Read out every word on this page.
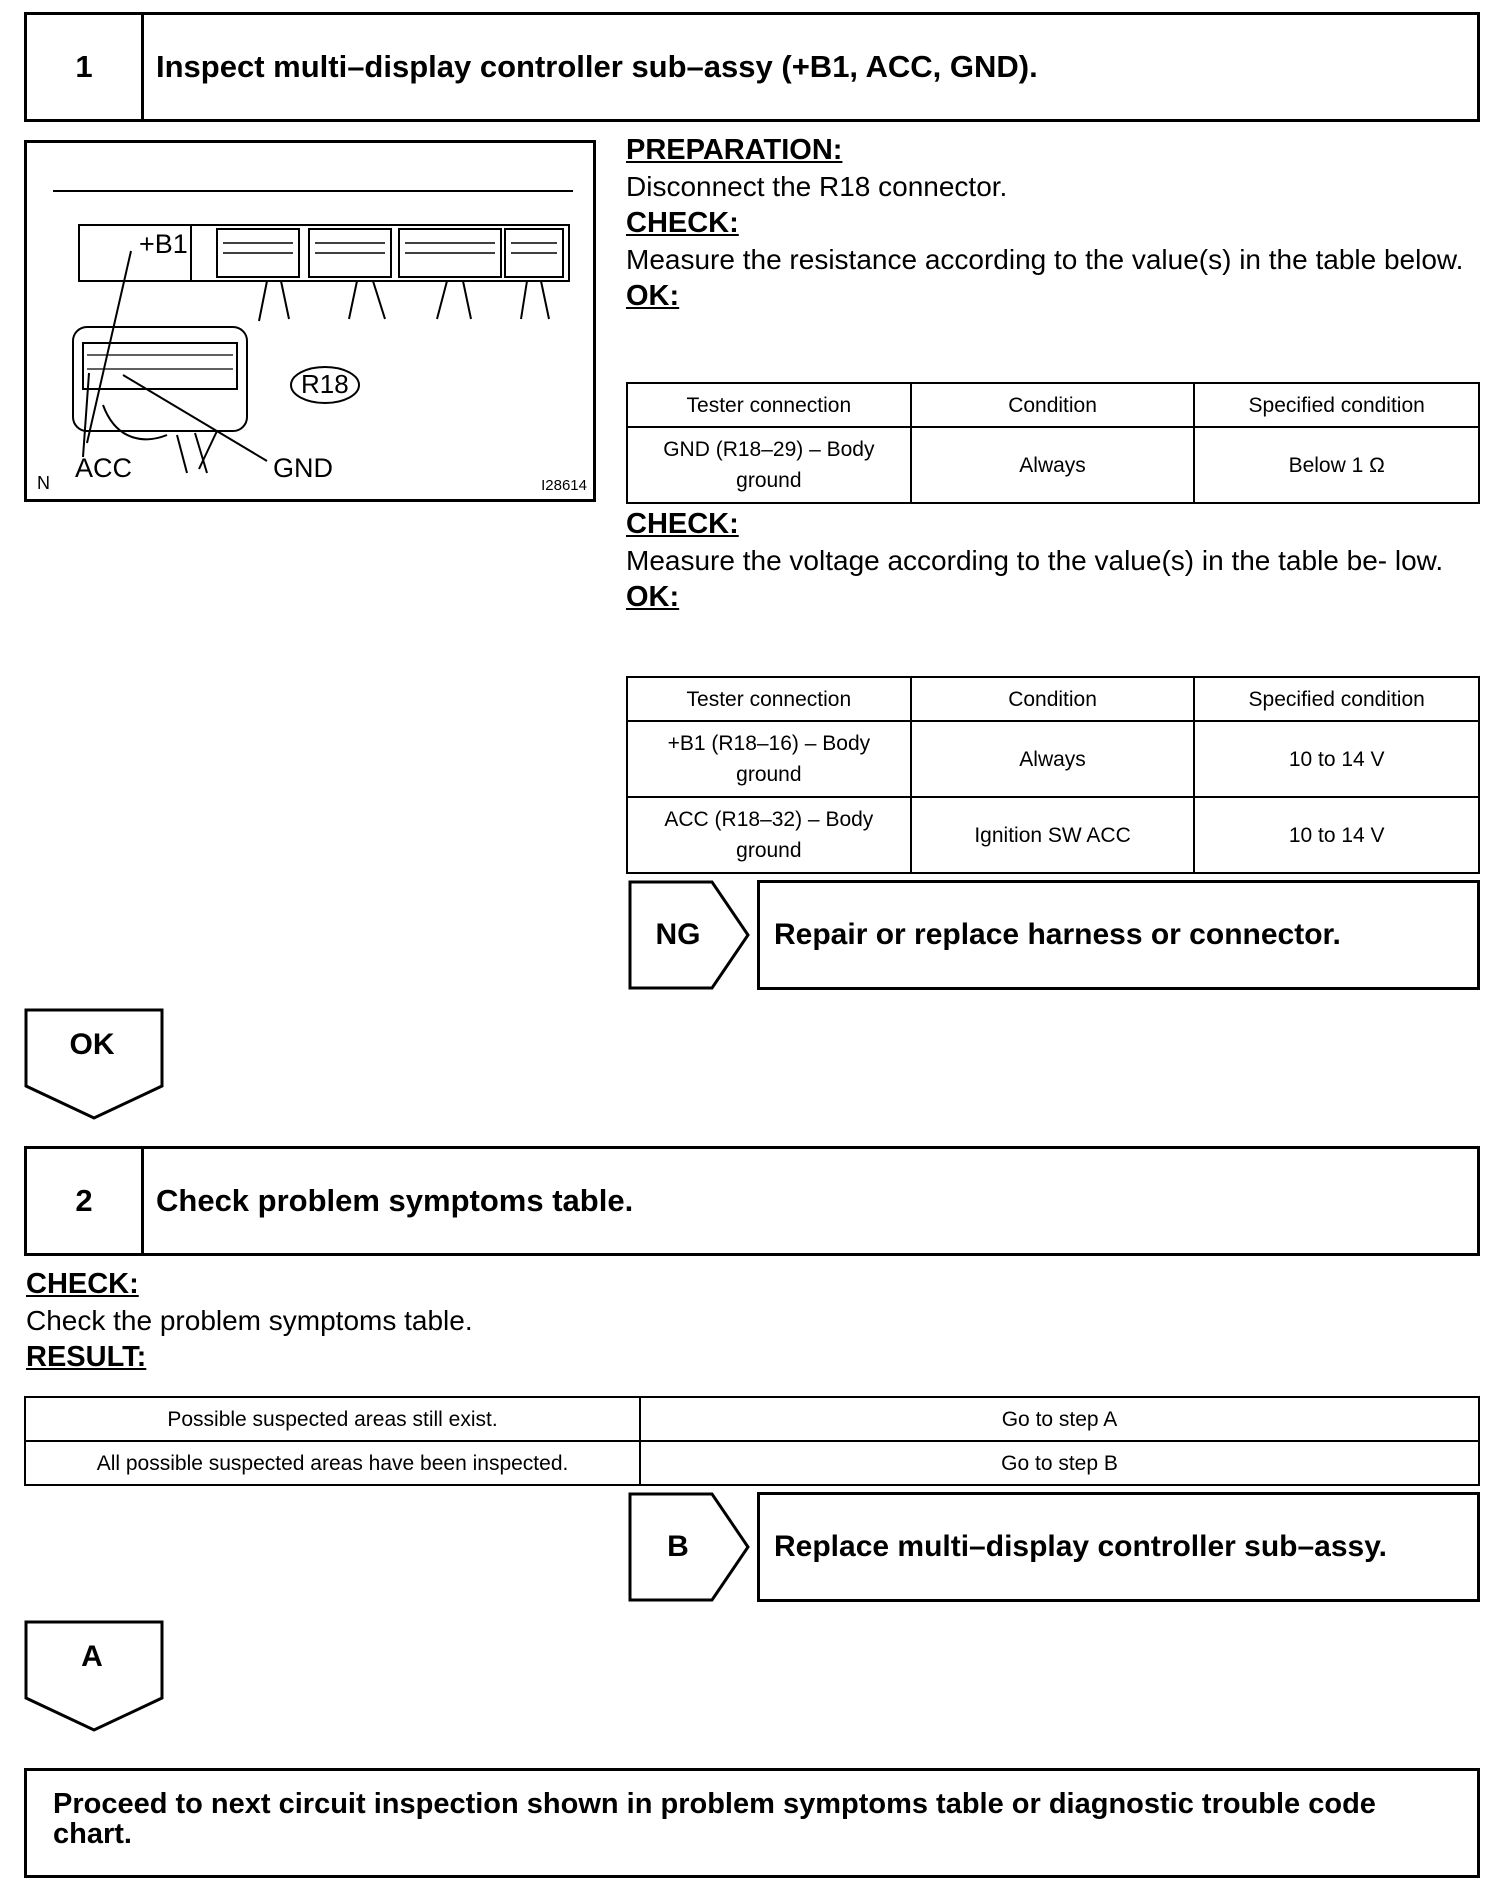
1	Inspect multi–display controller sub–assy (+B1, ACC, GND).
+B1
R18
N ACC	GND
I28614
PREPARATION:
Disconnect the R18 connector.
CHECK:
Measure the resistance according to the value(s) in the table below.
OK:
Tester connection	Condition	Specified condition

GND (R18–29) – Body
ground	Always	Below 1 Ω
CHECK:
Measure the voltage according to the value(s) in the table be- low.
OK:
Tester connection	Condition	Specified condition

+B1 (R18–16) – Body
ground	Always	10 to 14 V

ACC (R18–32) – Body
ground	Ignition SW ACC	10 to 14 V
NG	Repair or replace harness or connector.
OK
2	Check problem symptoms table.
CHECK:
Check the problem symptoms table.
RESULT:
Possible suspected areas still exist.	Go to step A
All possible suspected areas have been inspected.	Go to step B
B	Replace multi–display controller sub–assy.
A
Proceed to next circuit inspection shown in problem symptoms table or diagnostic trouble code chart.
